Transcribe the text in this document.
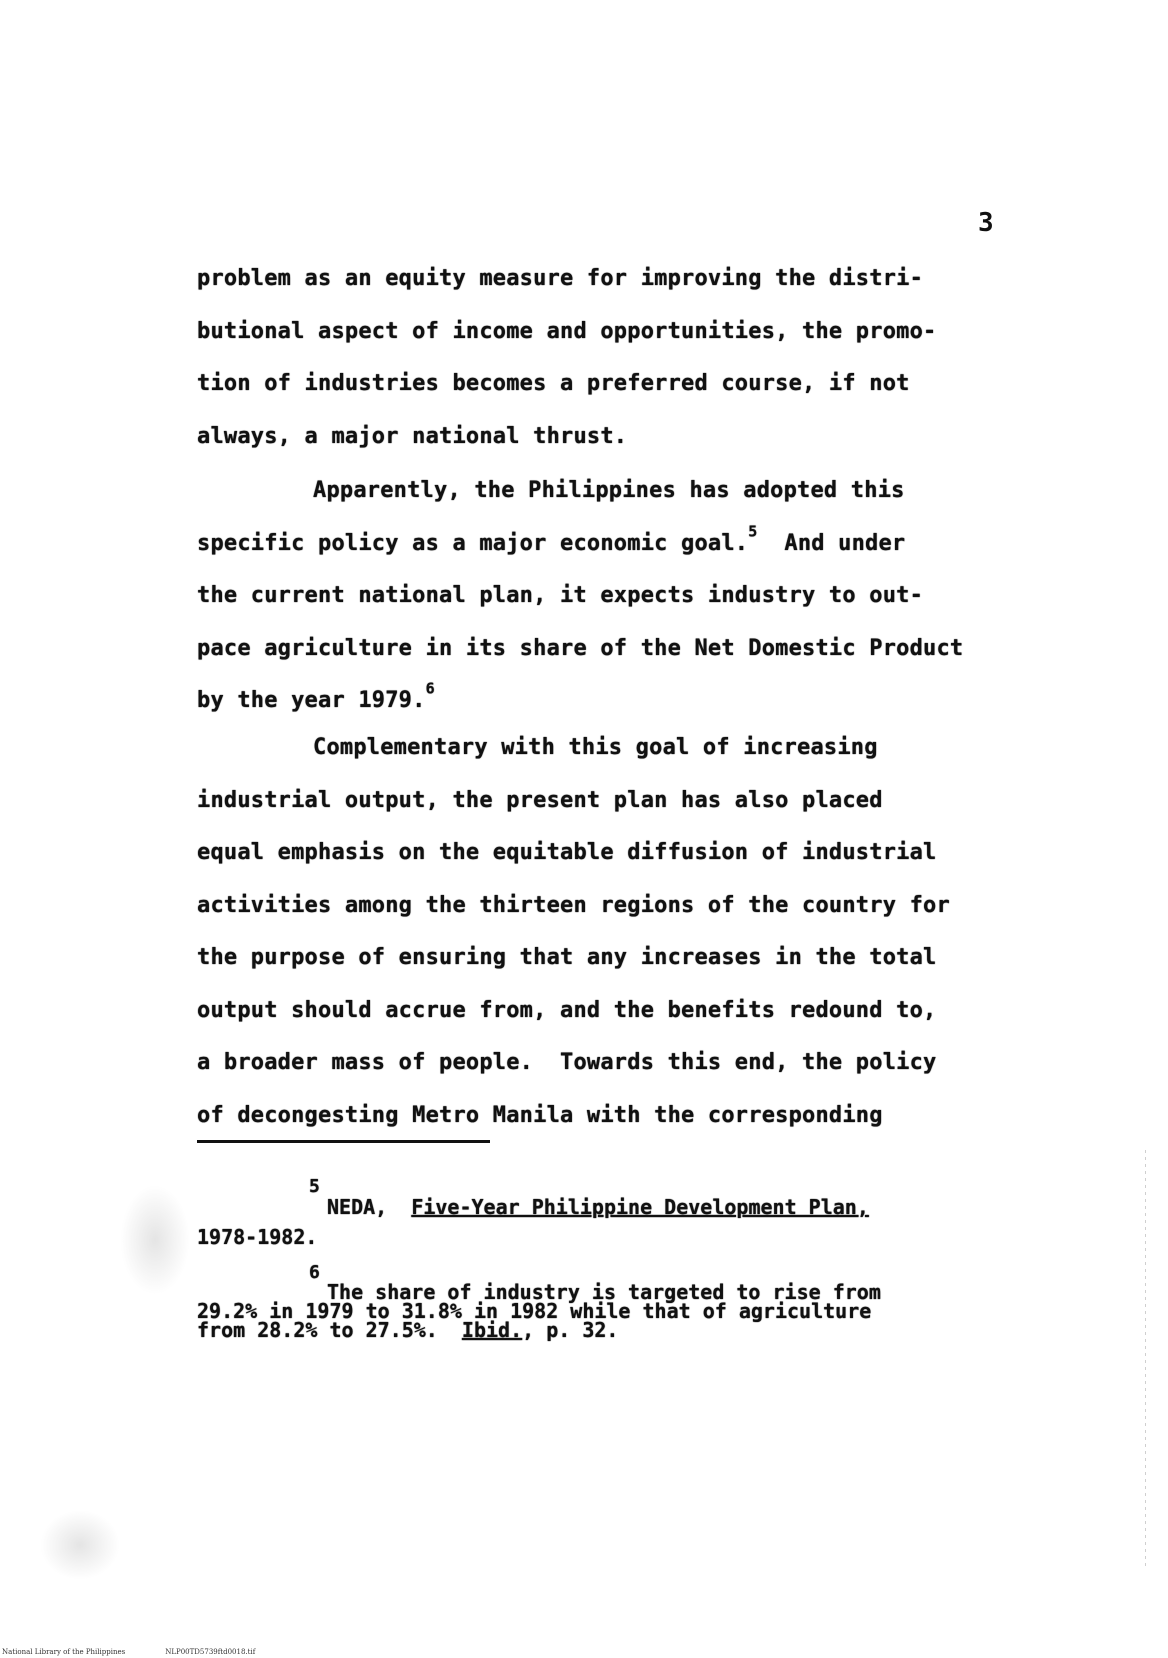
3
problem as an equity measure for improving the distri-
butional aspect of income and opportunities, the promo-
tion of industries becomes a preferred course, if not
always, a major national thrust.
Apparently, the Philippines has adopted this
specific policy as a major economic goal.$^5$  And under
the current national plan, it expects industry to out-
pace agriculture in its share of the Net Domestic Product
by the year 1979.$^6$
Complementary with this goal of increasing
industrial output, the present plan has also placed
equal emphasis on the equitable diffusion of industrial
activities among the thirteen regions of the country for
the purpose of ensuring that any increases in the total
output should accrue from, and the benefits redound to,
a broader mass of people.  Towards this end, the policy
of decongesting Metro Manila with the corresponding
5
NEDA, Five-Year Philippine Development Plan,
1978-1982.
6
The share of industry is targeted to rise from
29.2% in 1979 to 31.8% in 1982 while that of agriculture
from 28.2% to 27.5%. Ibid., p. 32.
National Library of the Philippines	NLP00TD5739ftd0018.tif
